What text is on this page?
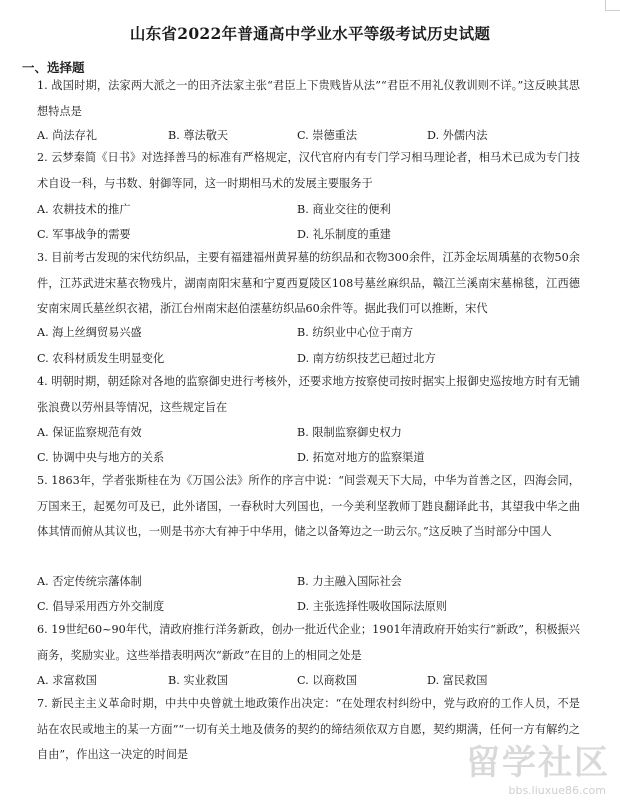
山东省2022年普通高中学业水平等级考试历史试题
一、选择题

1. 战国时期，法家两大派之一的田齐法家主张“君臣上下贵贱皆从法”“君臣不用礼仪教训则不详。”这反映其思想特点是

A. 尚法存礼	B. 尊法敬天	C. 崇德重法	D. 外儒内法

2. 云梦秦简《日书》对选择善马的标准有严格规定，汉代官府内有专门学习相马理论者，相马术已成为专门技术自设一科，与书数、射御等同，这一时期相马术的发展主要服务于

A. 农耕技术的推广	B. 商业交往的便利
C. 军事战争的需要	D. 礼乐制度的重建

3. 目前考古发现的宋代纺织品，主要有福建福州黄昇墓的纺织品和衣物300余件，江苏金坛周瑀墓的衣物50余件，江苏武进宋墓衣物残片，湖南南阳宋墓和宁夏西夏陵区108号墓丝麻织品，赣江兰溪南宋墓棉毯，江西德安南宋周氏墓丝织衣裙，浙江台州南宋赵伯澐墓纺织品60余件等。据此我们可以推断，宋代

A. 海上丝绸贸易兴盛	B. 纺织业中心位于南方
C. 农科材质发生明显变化	D. 南方纺织技艺已超过北方

4. 明朝时期，朝廷除对各地的监察御史进行考核外，还要求地方按察使司按时据实上报御史巡按地方时有无铺张浪费以劳州县等情况，这些规定旨在

A. 保证监察规范有效	B. 限制监察御史权力
C. 协调中央与地方的关系	D. 拓宽对地方的监察渠道

5. 1863年，学者张斯桂在为《万国公法》所作的序言中说：“间尝观天下大局，中华为首善之区，四海会同，万国来王，起冕勿可及已，此外诸国，一春秋时大列国也，一今美利坚教师丁韪良翻译此书，其望我中华之曲体其情而俯从其议也，一则是书亦大有神于中华用，储之以备筹边之一助云尔。”这反映了当时部分中国人

A. 否定传统宗藩体制	B. 力主融入国际社会
C. 倡导采用西方外交制度	D. 主张选择性吸收国际法原则

6. 19世纪60~90年代，清政府推行洋务新政，创办一批近代企业；1901年清政府开始实行“新政”，积极振兴商务，奖励实业。这些举措表明两次“新政”在目的上的相同之处是

A. 求富救国	B. 实业救国	C. 以商救国	D. 富民救国

7. 新民主主义革命时期，中共中央曾就土地政策作出决定：“在处理农村纠纷中，党与政府的工作人员，不是站在农民或地主的某一方面”“一切有关土地及债务的契约的缔结须依双方自愿，契约期满，任何一方有解约之自由”，作出这一决定的时间是	留学社区
bbs.liuxue86.com
